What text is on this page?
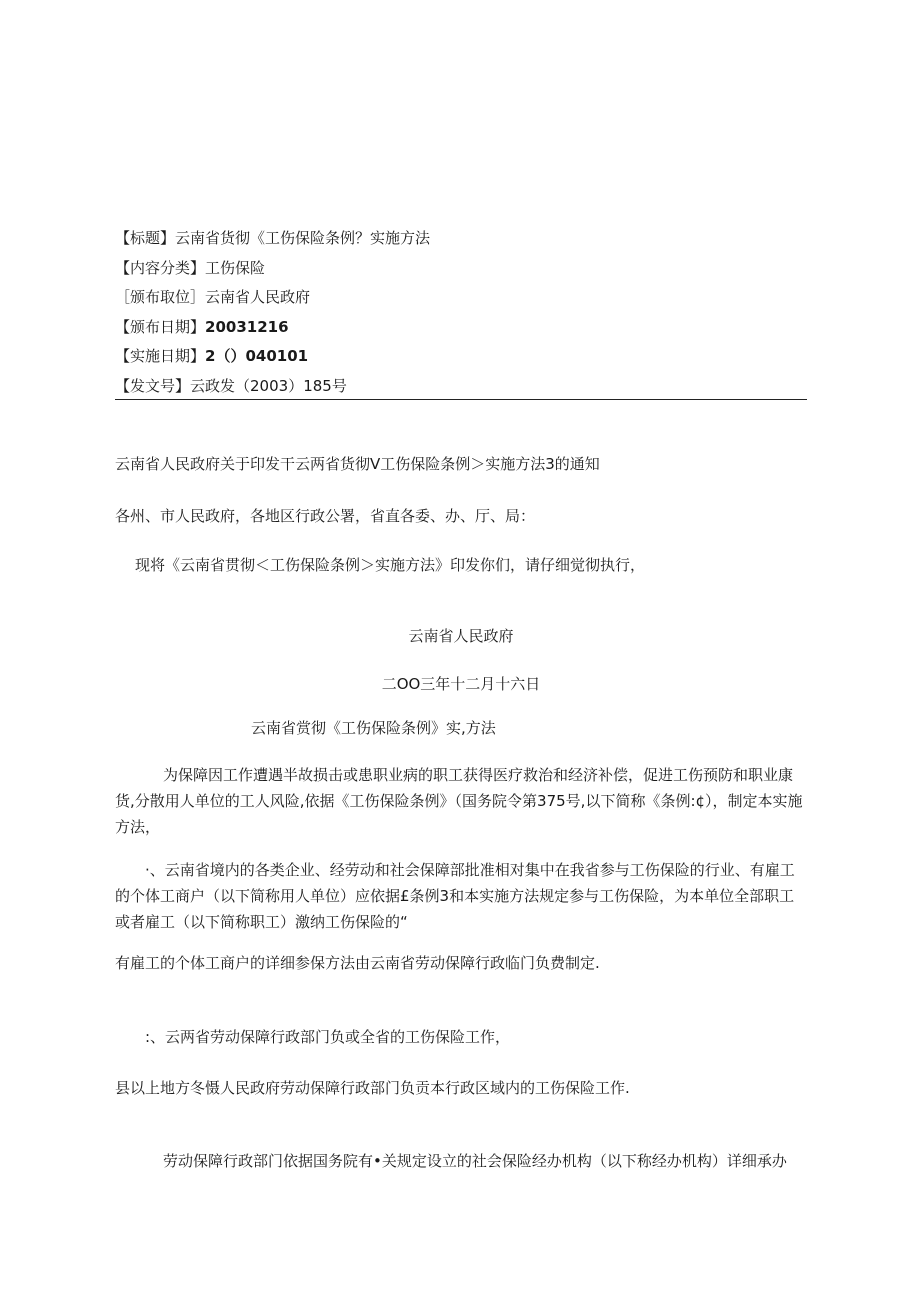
【标题】云南省货彻《工伤保险条例？实施方法
【内容分类】工伤保险
［颁布取位］云南省人民政府
【颁布日期】20031216
【实施日期】2（）040101
【发文号】云政发（2003）185号
云南省人民政府关于印发干云两省货彻V工伤保险条例＞实施方法3的通知
各州、市人民政府，各地区行政公署，省直各委、办、厅、局：
现将《云南省贯彻＜工伤保险条例＞实施方法》印发你们，请仔细觉彻执行，
云南省人民政府
二OO三年十二月十六日
云南省赏彻《工伤保险条例》实,方法
为保障因工作遭遇半故损击或患职业病的职工获得医疗救治和经济补偿，促进工伤预防和职业康货,分散用人单位的工人风险,依据《工伤保险条例》（国务院令第375号,以下简称《条例:¢），制定本实施方法，
·、云南省境内的各类企业、经劳动和社会保障部批准相对集中在我省参与工伤保险的行业、有雇工的个体工商户（以下简称用人单位）应依据£条例3和本实施方法规定参与工伤保险，为本单位全部职工或者雇工（以下简称职工）激纳工伤保险的“
有雇工的个体工商户的详细参保方法由云南省劳动保障行政临门负费制定.
:、云两省劳动保障行政部门负或全省的工伤保险工作，
县以上地方冬慑人民政府劳动保障行政部门负贡本行政区域内的工伤保险工作.
劳动保障行政部门依据国务院有•关规定设立的社会保险经办机构（以下称经办机构）详细承办
